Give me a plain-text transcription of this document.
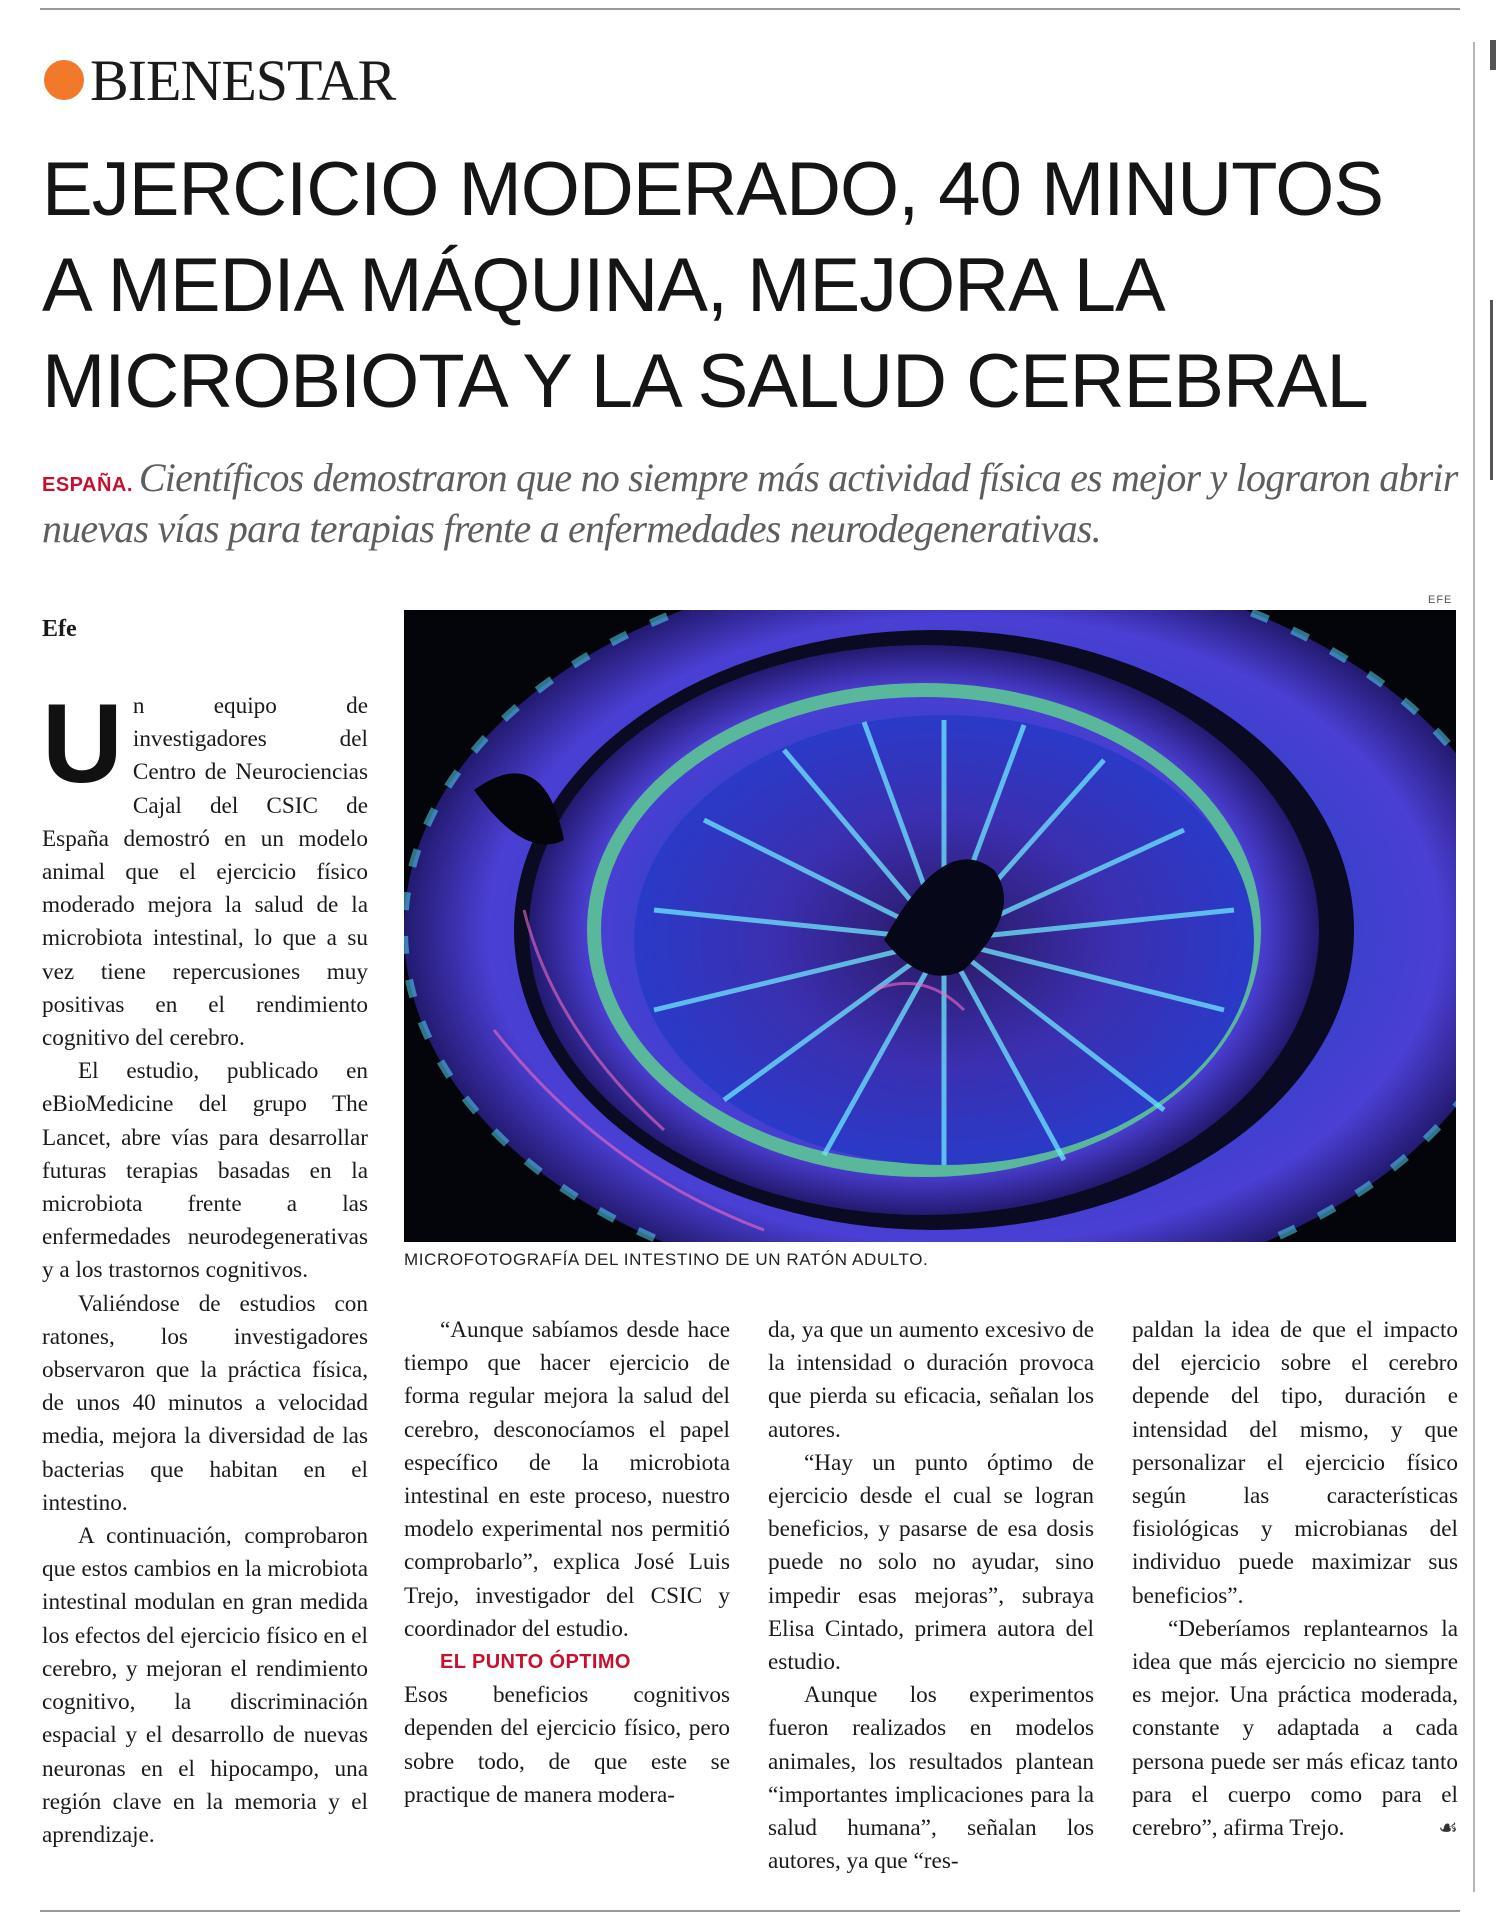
BIENESTAR
EJERCICIO MODERADO, 40 MINUTOS
A MEDIA MÁQUINA, MEJORA LA
MICROBIOTA Y LA SALUD CEREBRAL
ESPAÑA. Científicos demostraron que no siempre más actividad física es mejor y lograron abrir nuevas vías para terapias frente a enfermedades neurodegenerativas.
Efe
EFE
MICROFOTOGRAFÍA DEL INTESTINO DE UN RATÓN ADULTO.

Un equipo de investigadores del Centro de Neurociencias Cajal del CSIC de España demostró en un modelo animal que el ejercicio físico moderado mejora la salud de la microbiota intestinal, lo que a su vez tiene repercusiones muy positivas en el rendimiento cognitivo del cerebro.

El estudio, publicado en eBioMedicine del grupo The Lancet, abre vías para desarrollar futuras terapias basadas en la microbiota frente a las enfermedades neurodegenerativas y a los trastornos cognitivos.

Valiéndose de estudios con ratones, los investigadores observaron que la práctica física, de unos 40 minutos a velocidad media, mejora la diversidad de las bacterias que habitan en el intestino.

A continuación, comprobaron que estos cambios en la microbiota intestinal modulan en gran medida los efectos del ejercicio físico en el cerebro, y mejoran el rendimiento cognitivo, la discriminación espacial y el desarrollo de nuevas neuronas en el hipocampo, una región clave en la memoria y el aprendizaje.

“Aunque sabíamos desde hace tiempo que hacer ejercicio de forma regular mejora la salud del cerebro, desconocíamos el papel específico de la microbiota intestinal en este proceso, nuestro modelo experimental nos permitió comprobarlo”, explica José Luis Trejo, investigador del CSIC y coordinador del estudio.

EL PUNTO ÓPTIMO

Esos beneficios cognitivos dependen del ejercicio físico, pero sobre todo, de que este se practique de manera modera-

da, ya que un aumento excesivo de la intensidad o duración provoca que pierda su eficacia, señalan los autores.

“Hay un punto óptimo de ejercicio desde el cual se logran beneficios, y pasarse de esa dosis puede no solo no ayudar, sino impedir esas mejoras”, subraya Elisa Cintado, primera autora del estudio.

Aunque los experimentos fueron realizados en modelos animales, los resultados plantean “importantes implicaciones para la salud humana”, señalan los autores, ya que “res-

paldan la idea de que el impacto del ejercicio sobre el cerebro depende del tipo, duración e intensidad del mismo, y que personalizar el ejercicio físico según las características fisiológicas y microbianas del individuo puede maximizar sus beneficios”.

“Deberíamos replantearnos la idea que más ejercicio no siempre es mejor. Una práctica moderada, constante y adaptada a cada persona puede ser más eficaz tanto para el cuerpo como para el cerebro”, afirma Trejo.	☙
